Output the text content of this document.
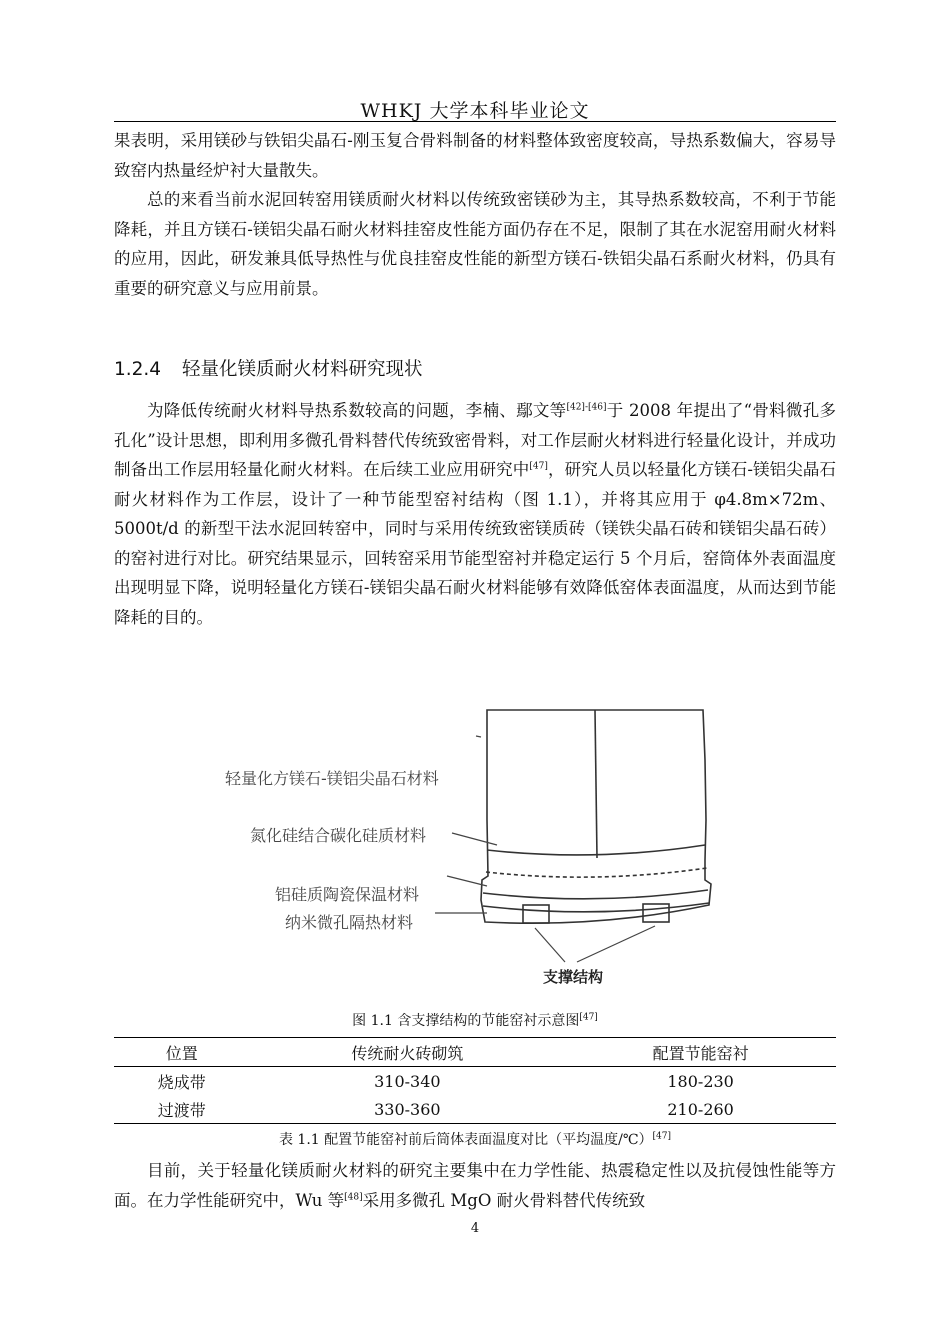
WHKJ 大学本科毕业论文

果表明，采用镁砂与铁铝尖晶石-刚玉复合骨料制备的材料整体致密度较高，导热系数偏大，容易导致窑内热量经炉衬大量散失。

总的来看当前水泥回转窑用镁质耐火材料以传统致密镁砂为主，其导热系数较高，不利于节能降耗，并且方镁石-镁铝尖晶石耐火材料挂窑皮性能方面仍存在不足，限制了其在水泥窑用耐火材料的应用，因此，研发兼具低导热性与优良挂窑皮性能的新型方镁石-铁铝尖晶石系耐火材料，仍具有重要的研究意义与应用前景。

1.2.4 轻量化镁质耐火材料研究现状

为降低传统耐火材料导热系数较高的问题，李楠、鄢文等[42]-[46]于 2008 年提出了“骨料微孔多孔化”设计思想，即利用多微孔骨料替代传统致密骨料，对工作层耐火材料进行轻量化设计，并成功制备出工作层用轻量化耐火材料。在后续工业应用研究中[47]，研究人员以轻量化方镁石-镁铝尖晶石耐火材料作为工作层，设计了一种节能型窑衬结构（图 1.1），并将其应用于 φ4.8m×72m、5000t/d 的新型干法水泥回转窑中，同时与采用传统致密镁质砖（镁铁尖晶石砖和镁铝尖晶石砖）的窑衬进行对比。研究结果显示，回转窑采用节能型窑衬并稳定运行 5 个月后，窑筒体外表面温度出现明显下降，说明轻量化方镁石-镁铝尖晶石耐火材料能够有效降低窑体表面温度，从而达到节能降耗的目的。

轻量化方镁石-镁铝尖晶石材料
氮化硅结合碳化硅质材料
铝硅质陶瓷保温材料
纳米微孔隔热材料
支撑结构
图 1.1 含支撑结构的节能窑衬示意图[47]
位置	传统耐火砖砌筑	配置节能窑衬
烧成带	310-340	180-230
过渡带	330-360	210-260
表 1.1 配置节能窑衬前后筒体表面温度对比（平均温度/℃）[47]

目前，关于轻量化镁质耐火材料的研究主要集中在力学性能、热震稳定性以及抗侵蚀性能等方面。在力学性能研究中，Wu 等[48]采用多微孔 MgO 耐火骨料替代传统致

4
